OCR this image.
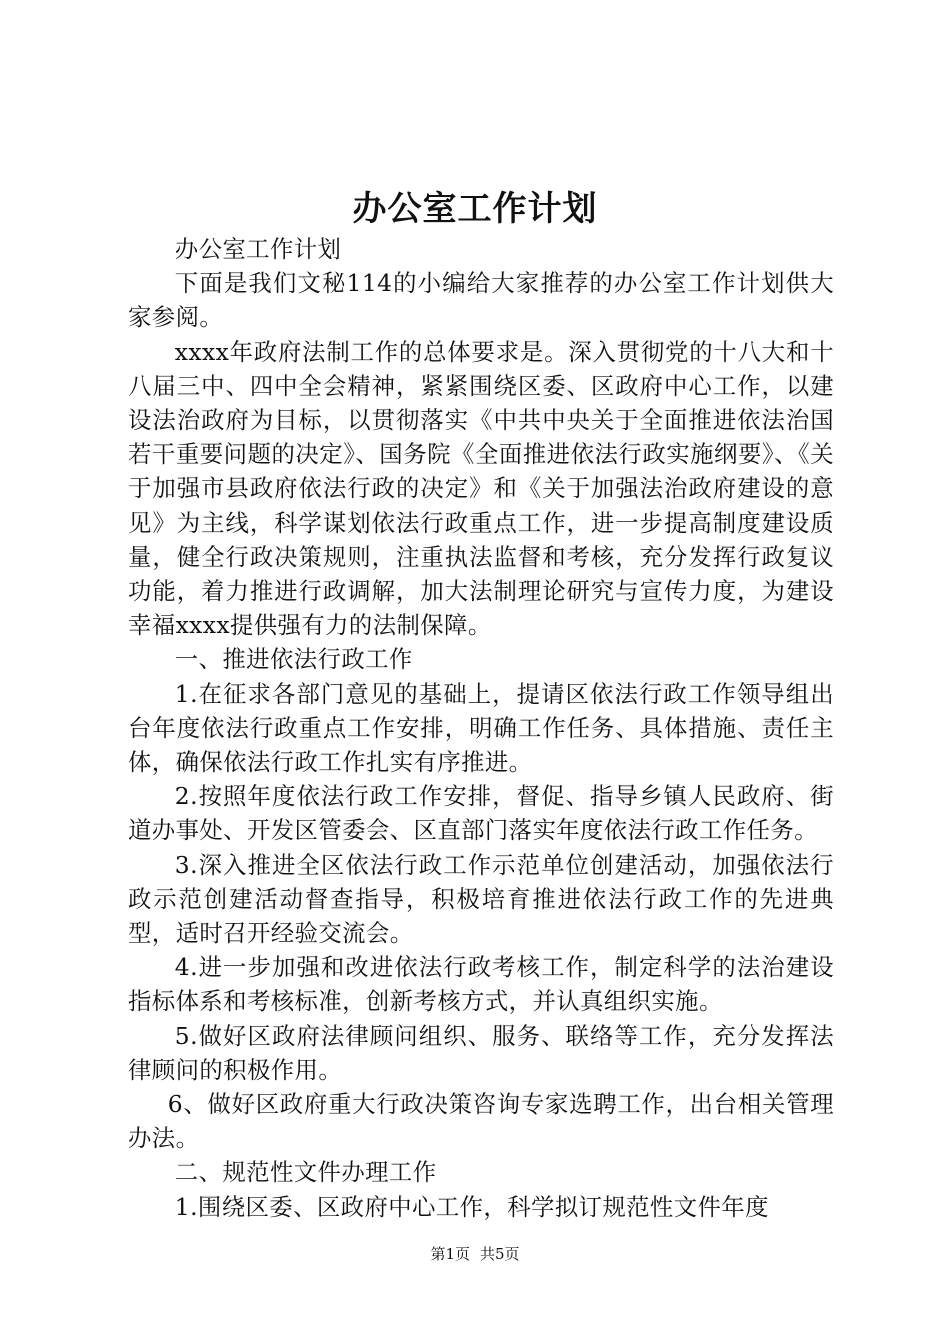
办公室工作计划

办公室工作计划

下面是我们文秘114的小编给大家推荐的办公室工作计划供大家参阅。

xxxx年政府法制工作的总体要求是。深入贯彻党的十八大和十八届三中、四中全会精神，紧紧围绕区委、区政府中心工作，以建设法治政府为目标，以贯彻落实《中共中央关于全面推进依法治国若干重要问题的决定》、国务院《全面推进依法行政实施纲要》、《关于加强市县政府依法行政的决定》和《关于加强法治政府建设的意见》为主线，科学谋划依法行政重点工作，进一步提高制度建设质量，健全行政决策规则，注重执法监督和考核，充分发挥行政复议功能，着力推进行政调解，加大法制理论研究与宣传力度，为建设幸福xxxx提供强有力的法制保障。

一、推进依法行政工作

1.在征求各部门意见的基础上，提请区依法行政工作领导组出台年度依法行政重点工作安排，明确工作任务、具体措施、责任主体，确保依法行政工作扎实有序推进。

2.按照年度依法行政工作安排，督促、指导乡镇人民政府、街道办事处、开发区管委会、区直部门落实年度依法行政工作任务。

3.深入推进全区依法行政工作示范单位创建活动，加强依法行政示范创建活动督查指导，积极培育推进依法行政工作的先进典型，适时召开经验交流会。

4.进一步加强和改进依法行政考核工作，制定科学的法治建设指标体系和考核标准，创新考核方式，并认真组织实施。

5.做好区政府法律顾问组织、服务、联络等工作，充分发挥法律顾问的积极作用。

6、做好区政府重大行政决策咨询专家选聘工作，出台相关管理办法。

二、规范性文件办理工作

1.围绕区委、区政府中心工作，科学拟订规范性文件年度

第1页 共5页
